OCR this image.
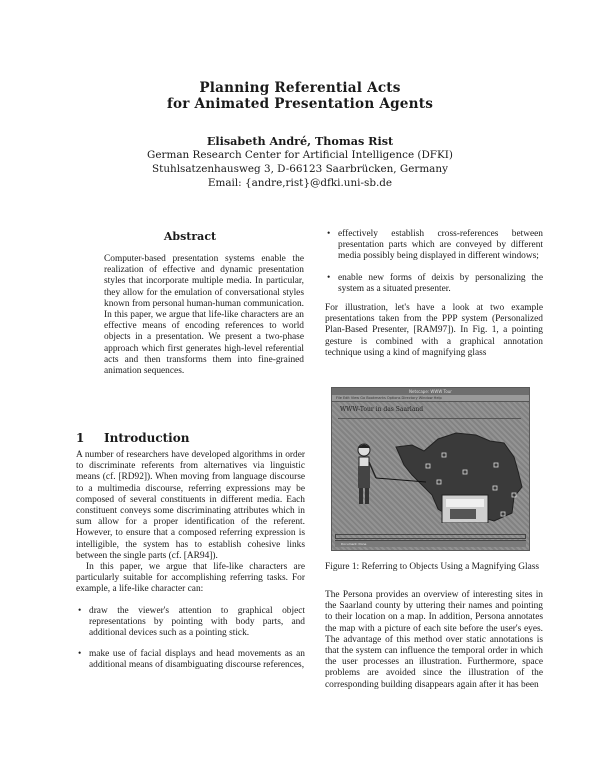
Planning Referential Acts
for Animated Presentation Agents
Elisabeth André, Thomas Rist
German Research Center for Artificial Intelligence (DFKI)
Stuhlsatzenhausweg 3, D-66123 Saarbrücken, Germany
Email: {andre,rist}@dfki.uni-sb.de
Abstract

Computer-based presentation systems enable the realization of effective and dynamic presentation styles that incorporate multiple media. In particular, they allow for the emulation of conversational styles known from personal human-human communication. In this paper, we argue that life-like characters are an effective means of encoding references to world objects in a presentation. We present a two-phase approach which first generates high-level referential acts and then transforms them into fine-grained animation sequences.

1 Introduction

A number of researchers have developed algorithms in order to discriminate referents from alternatives via linguistic means (cf. [RD92]). When moving from language discourse to a multimedia discourse, referring expressions may be composed of several constituents in different media. Each constituent conveys some discriminating attributes which in sum allow for a proper identification of the referent. However, to ensure that a composed referring expression is intelligible, the system has to establish cohesive links between the single parts (cf. [AR94]).

In this paper, we argue that life-like characters are particularly suitable for accomplishing referring tasks. For example, a life-like character can:

• draw the viewer's attention to graphical object representations by pointing with body parts, and additional devices such as a pointing stick.
• make use of facial displays and head movements as an additional means of disambiguating discourse references,
• effectively establish cross-references between presentation parts which are conveyed by different media possibly being displayed in different windows;
• enable new forms of deixis by personalizing the system as a situated presenter.

For illustration, let's have a look at two example presentations taken from the PPP system (Personalized Plan-Based Presenter, [RAM97]). In Fig. 1, a pointing gesture is combined with a graphical annotation technique using a kind of magnifying glass

Netscape: WWW Tour
File Edit View Go Bookmarks Options Directory Window Help
WWW-Tour in das Saarland
Document: Done
Figure 1: Referring to Objects Using a Magnifying Glass

The Persona provides an overview of interesting sites in the Saarland county by uttering their names and pointing to their location on a map. In addition, Persona annotates the map with a picture of each site before the user's eyes. The advantage of this method over static annotations is that the system can influence the temporal order in which the user processes an illustration. Furthermore, space problems are avoided since the illustration of the corresponding building disappears again after it has been
